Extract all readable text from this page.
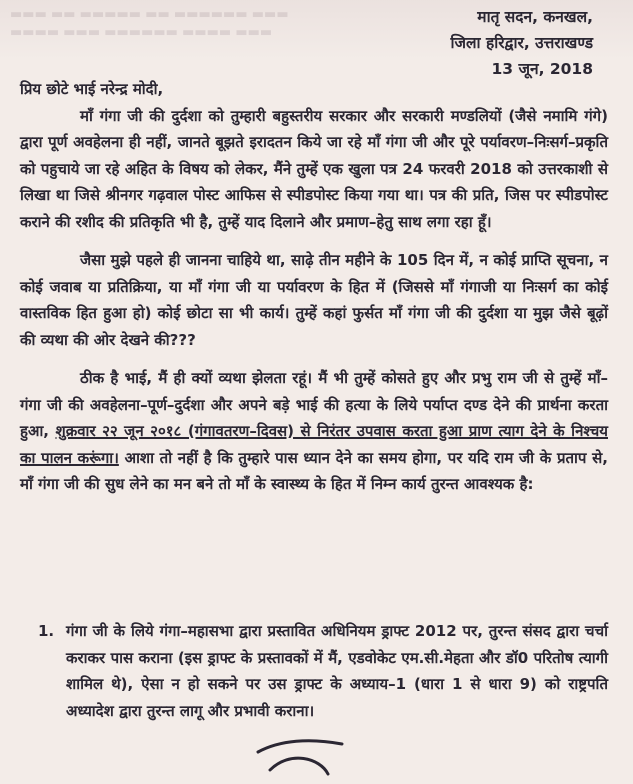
▬▬▬ ▬▬ ▬▬▬▬▬ ▬▬ ▬▬▬▬▬▬ ▬▬▬
▬▬▬▬ ▬▬▬ ▬▬▬▬▬▬ ▬▬▬▬ ▬▬▬
मातृ सदन, कनखल,
जिला हरिद्वार, उत्तराखण्ड
13 जून, 2018

प्रिय छोटे भाई नरेन्द्र मोदी,

माँ गंगा जी की दुर्दशा को तुम्हारी बहुस्तरीय सरकार और सरकारी मण्डलियों (जैसे नमामि गंगे) द्वारा पूर्ण अवहेलना ही नहीं, जानते बूझते इरादतन किये जा रहे माँ गंगा जी और पूरे पर्यावरण–निःसर्ग–प्रकृति को पहुचाये जा रहे अहित के विषय को लेकर, मैंने तुम्हें एक खुला पत्र 24 फरवरी 2018 को उत्तरकाशी से लिखा था जिसे श्रीनगर गढ़वाल पोस्ट आफिस से स्पीडपोस्ट किया गया था। पत्र की प्रति, जिस पर स्पीडपोस्ट कराने की रशीद की प्रतिकृति भी है, तुम्हें याद दिलाने और प्रमाण–हेतु साथ लगा रहा हूँ।

जैसा मुझे पहले ही जानना चाहिये था, साढ़े तीन महीने के 105 दिन में, न कोई प्राप्ति सूचना, न कोई जवाब या प्रतिक्रिया, या माँ गंगा जी या पर्यावरण के हित में (जिससे माँ गंगाजी या निःसर्ग का कोई वास्तविक हित हुआ हो) कोई छोटा सा भी कार्य। तुम्हें कहां फुर्सत माँ गंगा जी की दुर्दशा या मुझ जैसे बूढ़ों की व्यथा की ओर देखने की???

ठीक है भाई, मैं ही क्यों व्यथा झेलता रहूं। मैं भी तुम्हें कोसते हुए और प्रभु राम जी से तुम्हें माँ–गंगा जी की अवहेलना–पूर्ण–दुर्दशा और अपने बड़े भाई की हत्या के लिये पर्याप्त दण्ड देने की प्रार्थना करता हुआ, शुक्रवार २२ जून २०१८ (गंगावतरण–दिवस) से निरंतर उपवास करता हुआ प्राण त्याग देने के निश्चय का पालन करूंगा। आशा तो नहीं है कि तुम्हारे पास ध्यान देने का समय होगा, पर यदि राम जी के प्रताप से, माँ गंगा जी की सुध लेने का मन बने तो माँ के स्वास्थ्य के हित में निम्न कार्य तुरन्त आवश्यक है:

1. गंगा जी के लिये गंगा–महासभा द्वारा प्रस्तावित अधिनियम ड्राफ्ट 2012 पर, तुरन्त संसद द्वारा चर्चा कराकर पास कराना (इस ड्राफ्ट के प्रस्तावकों में मैं, एडवोकेट एम.सी.मेहता और डॉ0 परितोष त्यागी शामिल थे), ऐसा न हो सकने पर उस ड्राफ्ट के अध्याय–1 (धारा 1 से धारा 9) को राष्ट्रपति अध्यादेश द्वारा तुरन्त लागू और प्रभावी कराना।
